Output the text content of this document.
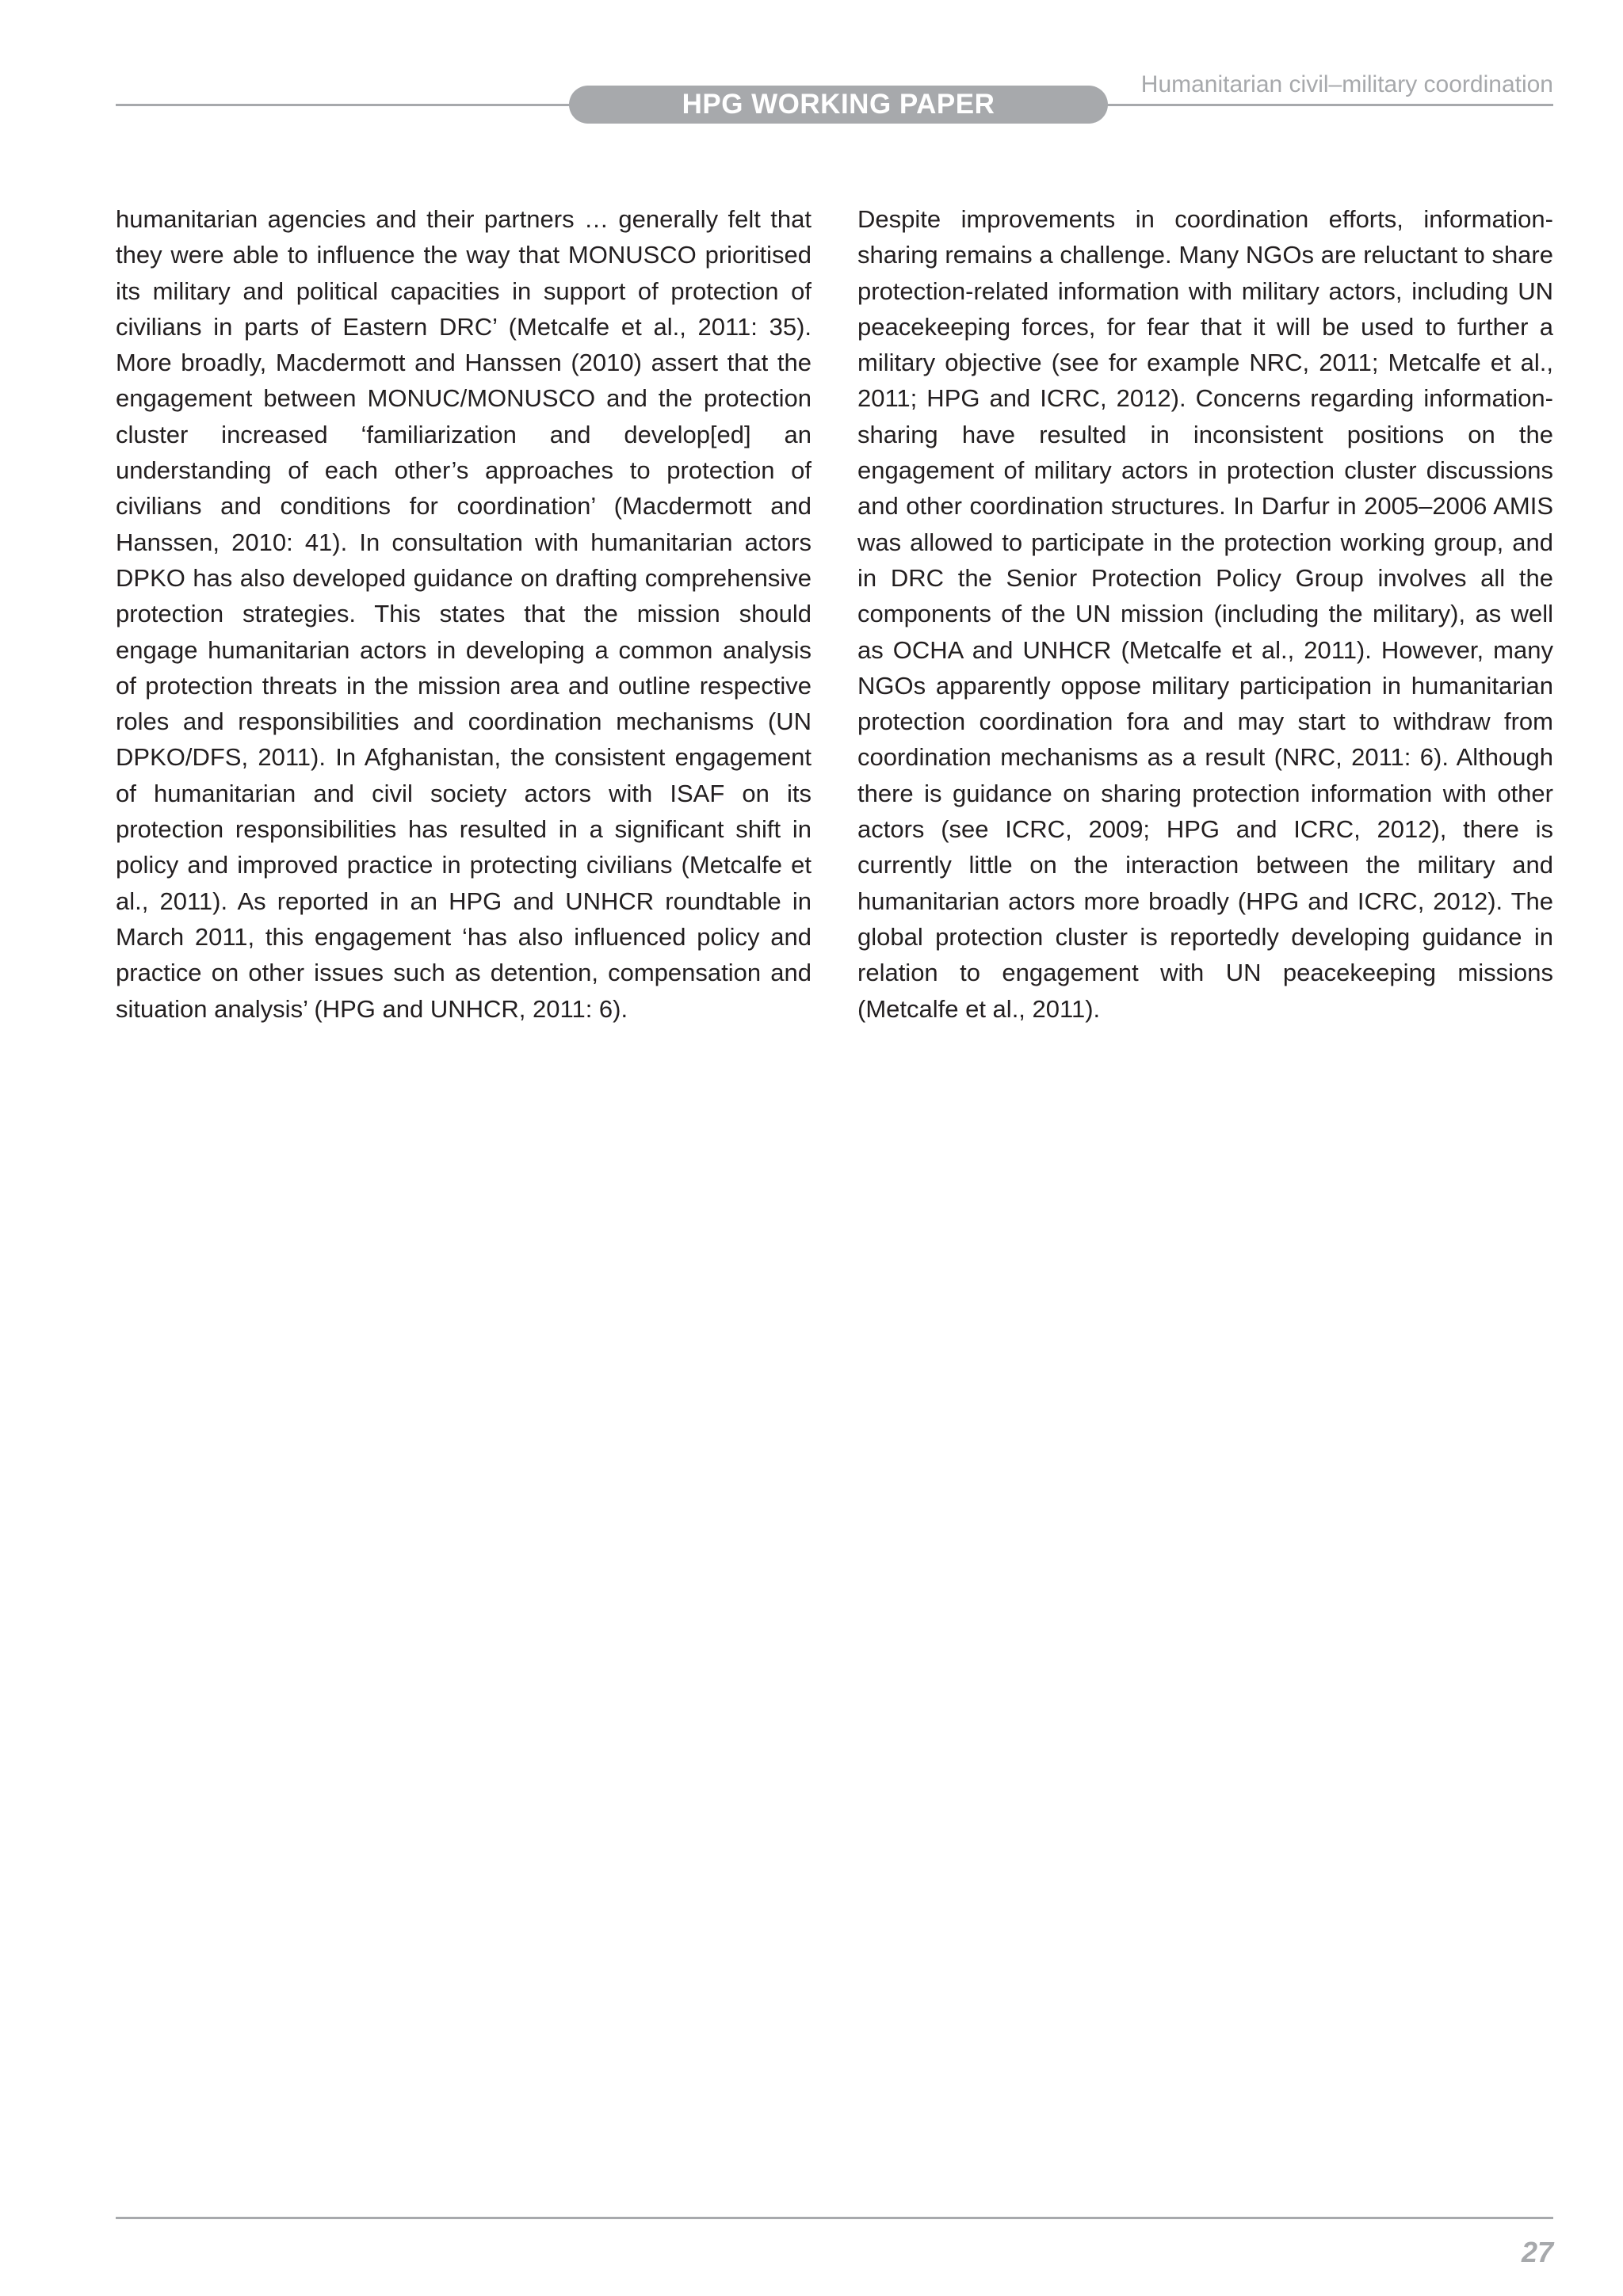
HPG WORKING PAPER
Humanitarian civil–military coordination

humanitarian agencies and their partners … generally felt that they were able to influence the way that MONUSCO prioritised its military and political capacities in support of protection of civilians in parts of Eastern DRC’ (Metcalfe et al., 2011: 35). More broadly, Macdermott and Hanssen (2010) assert that the engagement between MONUC/MONUSCO and the protection cluster increased ‘familiarization and develop[ed] an understanding of each other’s approaches to protection of civilians and conditions for coordination’ (Macdermott and Hanssen, 2010: 41). In consultation with humanitarian actors DPKO has also developed guidance on drafting comprehensive protection strategies. This states that the mission should engage humanitarian actors in developing a common analysis of protection threats in the mission area and outline respective roles and responsibilities and coordination mechanisms (UN DPKO/DFS, 2011). In Afghanistan, the consistent engagement of humanitarian and civil society actors with ISAF on its protection responsibilities has resulted in a significant shift in policy and improved practice in protecting civilians (Metcalfe et al., 2011). As reported in an HPG and UNHCR roundtable in March 2011, this engagement ‘has also influenced policy and practice on other issues such as detention, compensation and situation analysis’ (HPG and UNHCR, 2011: 6).

Despite improvements in coordination efforts, information-sharing remains a challenge. Many NGOs are reluctant to share protection-related information with military actors, including UN peacekeeping forces, for fear that it will be used to further a military objective (see for example NRC, 2011; Metcalfe et al., 2011; HPG and ICRC, 2012). Concerns regarding information-sharing have resulted in inconsistent positions on the engagement of military actors in protection cluster discussions and other coordination structures. In Darfur in 2005–2006 AMIS was allowed to participate in the protection working group, and in DRC the Senior Protection Policy Group involves all the components of the UN mission (including the military), as well as OCHA and UNHCR (Metcalfe et al., 2011). However, many NGOs apparently oppose military participation in humanitarian protection coordination fora and may start to withdraw from coordination mechanisms as a result (NRC, 2011: 6). Although there is guidance on sharing protection information with other actors (see ICRC, 2009; HPG and ICRC, 2012), there is currently little on the interaction between the military and humanitarian actors more broadly (HPG and ICRC, 2012). The global protection cluster is reportedly developing guidance in relation to engagement with UN peacekeeping missions (Metcalfe et al., 2011).

27
